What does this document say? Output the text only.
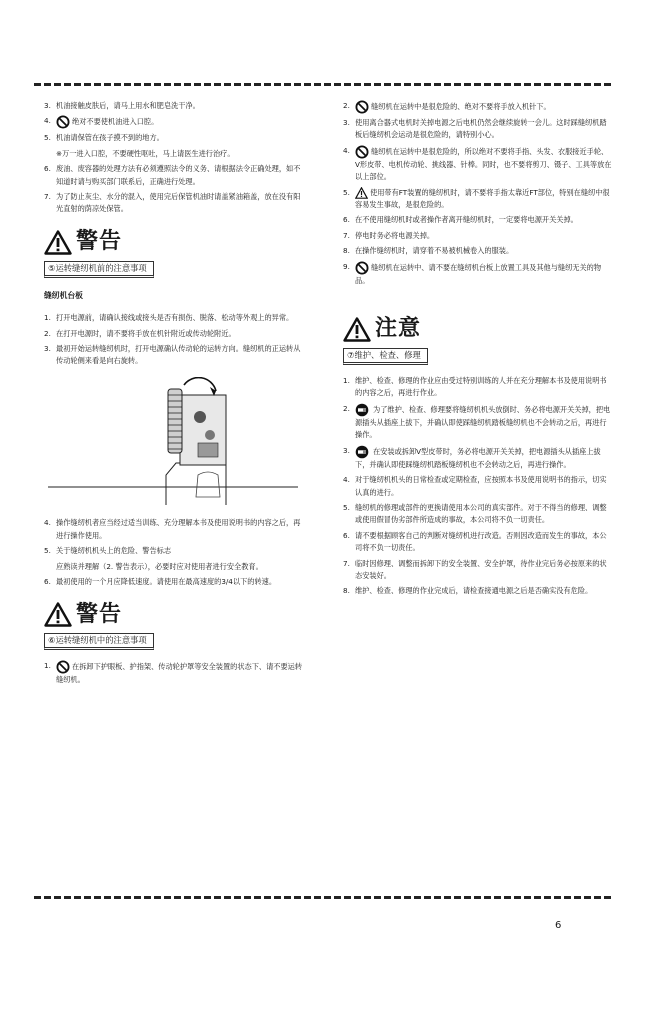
3. 机油接触皮肤后，请马上用水和肥皂洗干净。
4.	绝对不要使机油进入口腔。
5. 机油请保管在孩子摸不到的地方。
※万一进入口腔，不要硬性呕吐，马上请医生进行治疗。
6. 废油、废容器的处理方法有必须遵照法令的义务、请根据法令正确处理，如不知道时请与购买部门联系后，正确进行处理。
7. 为了防止灰尘、水分的混入，使用完后保管机油时请盖紧油箱盖，放在没有阳光直射的荫凉处保管。
警告
⑤运转缝纫机前的注意事项
缝纫机台板
1. 打开电源前，请确认接线或接头是否有损伤、脱落、松动等外观上的异常。
2. 在打开电源时，请不要将手放在机针附近或传动轮附近。
3. 最初开始运转缝纫机时，打开电源确认传动轮的运转方向。缝纫机的正运转从传动轮侧来看是向右旋转。
4. 操作缝纫机者应当经过适当训练、充分理解本书及使用说明书的内容之后，再进行操作使用。
5. 关于缝纫机机头上的危险、警告标志
应熟读并理解（2. 警告表示），必要时应对使用者进行安全教育。
6. 最初使用的一个月应降低速度。请使用在最高速度的3/4以下的转速。
警告
⑥运转缝纫机中的注意事项
1.	在拆卸下护眼板、护指架、传动轮护罩等安全装置的状态下、请不要运转缝纫机。
2.	缝纫机在运转中是很危险的、绝对不要将手放入机针下。
3. 使用离合器式电机时关掉电源之后电机仍然会继续旋转一会儿。这时踩缝纫机踏板后缝纫机会运动是很危险的，请特别小心。
4.	缝纫机在运转中是很危险的，所以绝对不要将手指、头发、衣服接近手轮、V形皮带、电机传动轮、挑线器、针棒。同时，也不要将剪刀、镊子、工具等放在以上部位。
5.	使用带有FT装置的缝纫机时，请不要将手指太靠近FT部位，特别在缝纫中很容易发生事故，是很危险的。
6. 在不使用缝纫机时或者操作者离开缝纫机时，一定要将电源开关关掉。
7. 停电时务必将电源关掉。
8. 在操作缝纫机时，请穿着不易被机械卷入的服装。
9.	缝纫机在运转中、请不要在缝纫机台板上放置工具及其他与缝纫无关的物品。
注意
⑦维护、检查、修理
1. 维护、检查、修理的作业应由受过特别训练的人并在充分理解本书及使用说明书的内容之后，再进行作业。
2.	为了维护、检查、修理要将缝纫机机头放倒时、务必将电源开关关掉，把电源插头从插座上拔下，并确认即使踩缝纫机踏板缝纫机也不会转动之后，再进行操作。
3.	在安装或拆卸V型皮带时，务必将电源开关关掉，把电源插头从插座上拔下，并确认即使踩缝纫机踏板缝纫机也不会转动之后，再进行操作。
4. 对于缝纫机机头的日常检查或定期检查，应按照本书及使用说明书的指示，切实认真的进行。
5. 缝纫机的修理或部件的更换请使用本公司的真实部件。对于不得当的修理、调整或使用假冒伪劣部件所造成的事故，本公司将不负一切责任。
6. 请不要根据顾客自己的判断对缝纫机进行改造。否则因改造而发生的事故，本公司将不负一切责任。
7. 临时因修理、调整而拆卸下的安全装置、安全护罩，待作业完后务必按原来的状态安装好。
8. 维护、检查、修理的作业完成后，请检查接通电源之后是否确实没有危险。
6
